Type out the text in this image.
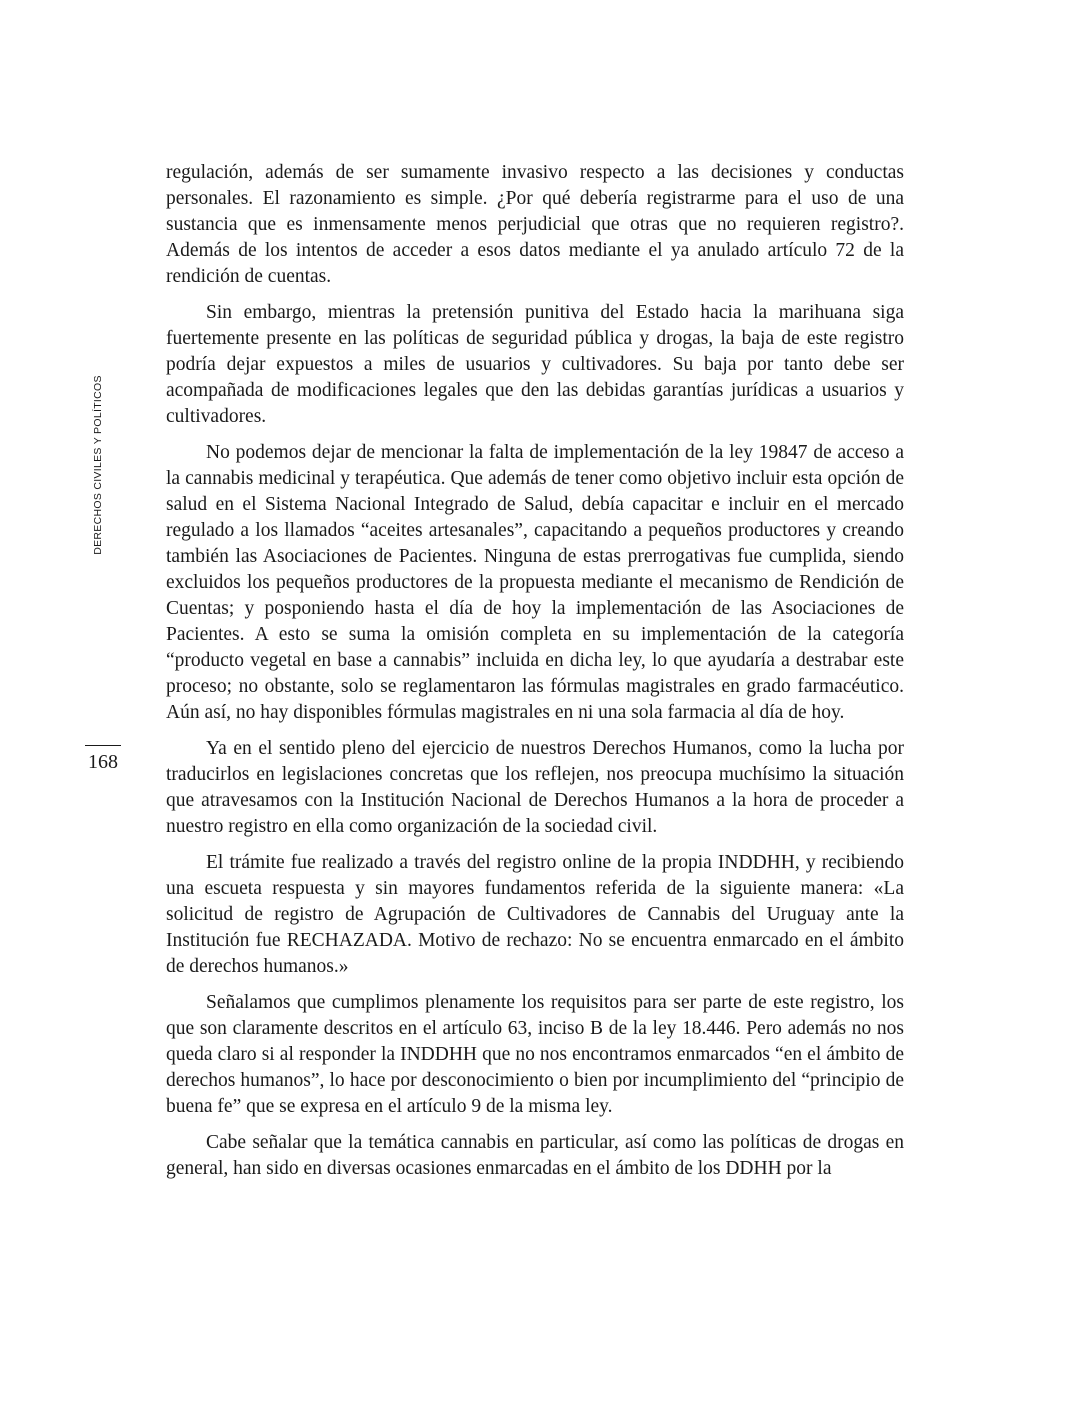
DERECHOS CIVILES Y POLÍTICOS
168

regulación, además de ser sumamente invasivo respecto a las decisiones y conductas personales. El razonamiento es simple. ¿Por qué debería registrarme para el uso de una sustancia que es inmensamente menos perjudicial que otras que no requieren registro?. Además de los intentos de acceder a esos datos mediante el ya anulado artículo 72 de la rendición de cuentas.

Sin embargo, mientras la pretensión punitiva del Estado hacia la marihuana siga fuertemente presente en las políticas de seguridad pública y drogas, la baja de este registro podría dejar expuestos a miles de usuarios y cultivadores. Su baja por tanto debe ser acompañada de modificaciones legales que den las debidas garantías jurídicas a usuarios y cultivadores.

No podemos dejar de mencionar la falta de implementación de la ley 19847 de acceso a la cannabis medicinal y terapéutica. Que además de tener como objetivo incluir esta opción de salud en el Sistema Nacional Integrado de Salud, debía capacitar e incluir en el mercado regulado a los llamados “aceites artesanales”, capacitando a pequeños productores y creando también las Asociaciones de Pacientes. Ninguna de estas prerrogativas fue cumplida, siendo excluidos los pequeños productores de la propuesta mediante el mecanismo de Rendición de Cuentas; y posponiendo hasta el día de hoy la implementación de las Asociaciones de Pacientes. A esto se suma la omisión completa en su implementación de la categoría “producto vegetal en base a cannabis” incluida en dicha ley, lo que ayudaría a destrabar este proceso; no obstante, solo se reglamentaron las fórmulas magistrales en grado farmacéutico. Aún así, no hay disponibles fórmulas magistrales en ni una sola farmacia al día de hoy.

Ya en el sentido pleno del ejercicio de nuestros Derechos Humanos, como la lucha por traducirlos en legislaciones concretas que los reflejen, nos preocupa muchísimo la situación que atravesamos con la Institución Nacional de Derechos Humanos a la hora de proceder a nuestro registro en ella como organización de la sociedad civil.

El trámite fue realizado a través del registro online de la propia INDDHH, y recibiendo una escueta respuesta y sin mayores fundamentos referida de la siguiente manera: «La solicitud de registro de Agrupación de Cultivadores de Cannabis del Uruguay ante la Institución fue RECHAZADA. Motivo de rechazo: No se encuentra enmarcado en el ámbito de derechos humanos.»

Señalamos que cumplimos plenamente los requisitos para ser parte de este registro, los que son claramente descritos en el artículo 63, inciso B de la ley 18.446. Pero además no nos queda claro si al responder la INDDHH que no nos encontramos enmarcados “en el ámbito de derechos humanos”, lo hace por desconocimiento o bien por incumplimiento del “principio de buena fe” que se expresa en el artículo 9 de la misma ley.

Cabe señalar que la temática cannabis en particular, así como las políticas de drogas en general, han sido en diversas ocasiones enmarcadas en el ámbito de los DDHH por la
